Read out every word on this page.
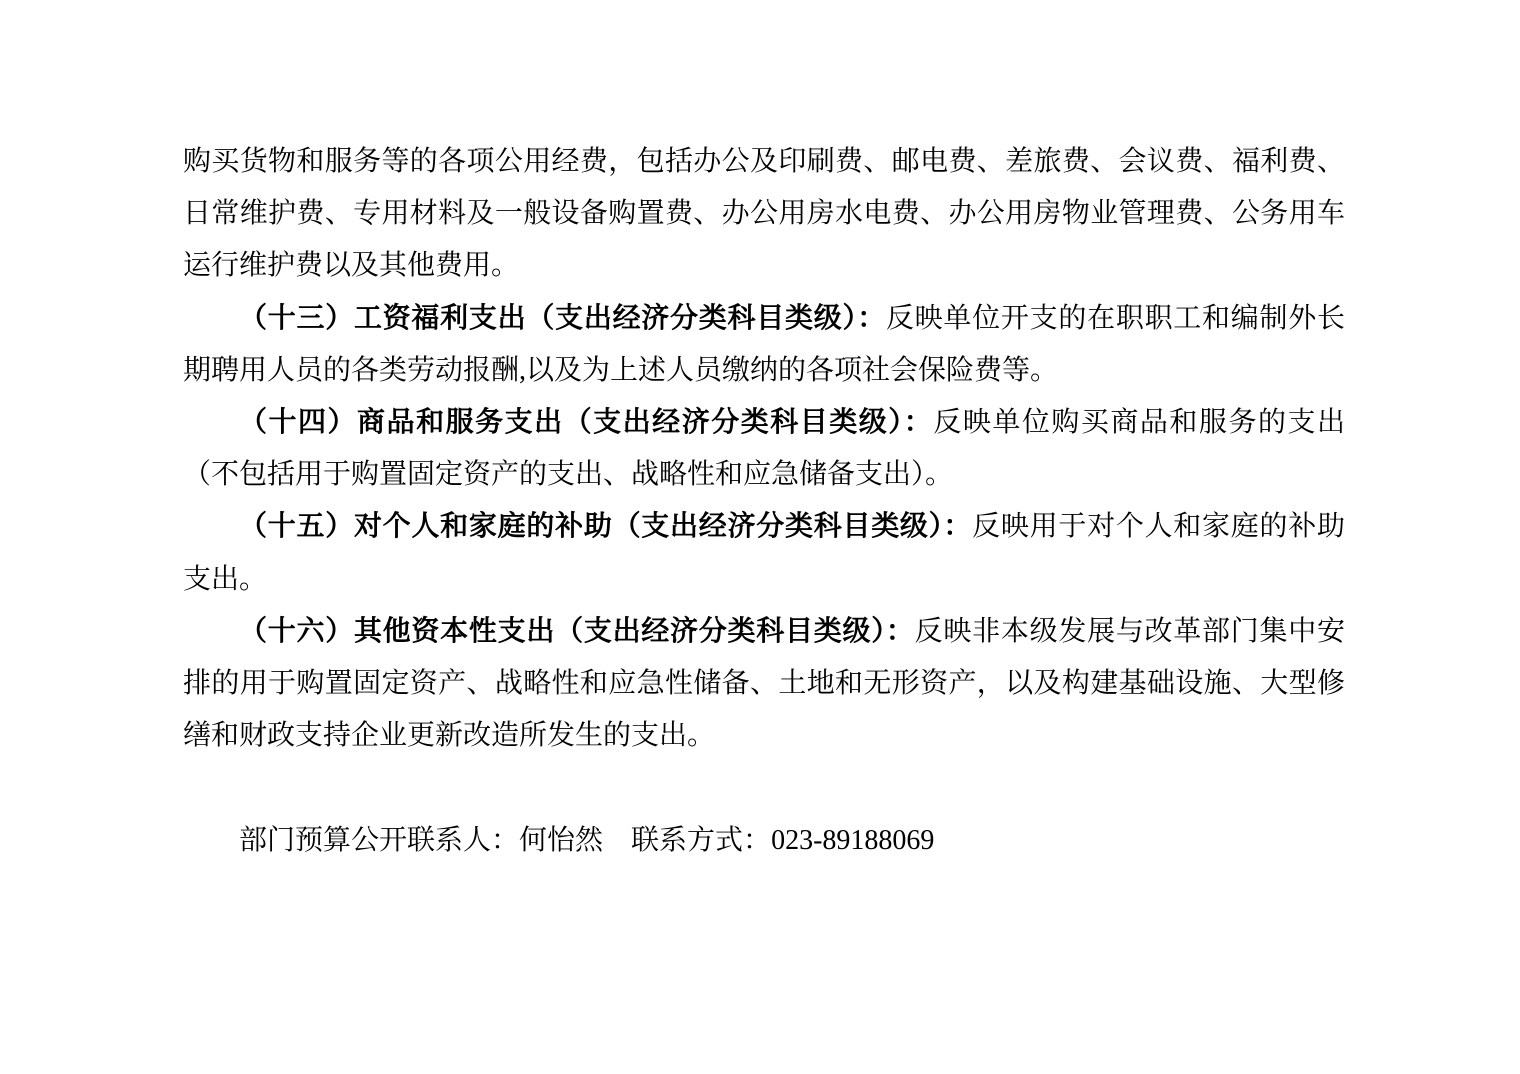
购买货物和服务等的各项公用经费，包括办公及印刷费、邮电费、差旅费、会议费、福利费、日常维护费、专用材料及一般设备购置费、办公用房水电费、办公用房物业管理费、公务用车运行维护费以及其他费用。

（十三）工资福利支出（支出经济分类科目类级）：反映单位开支的在职职工和编制外长期聘用人员的各类劳动报酬,以及为上述人员缴纳的各项社会保险费等。

（十四）商品和服务支出（支出经济分类科目类级）：反映单位购买商品和服务的支出（不包括用于购置固定资产的支出、战略性和应急储备支出）。

（十五）对个人和家庭的补助（支出经济分类科目类级）：反映用于对个人和家庭的补助支出。

（十六）其他资本性支出（支出经济分类科目类级）：反映非本级发展与改革部门集中安排的用于购置固定资产、战略性和应急性储备、土地和无形资产，以及构建基础设施、大型修缮和财政支持企业更新改造所发生的支出。

部门预算公开联系人：何怡然　 联系方式：023-89188069
